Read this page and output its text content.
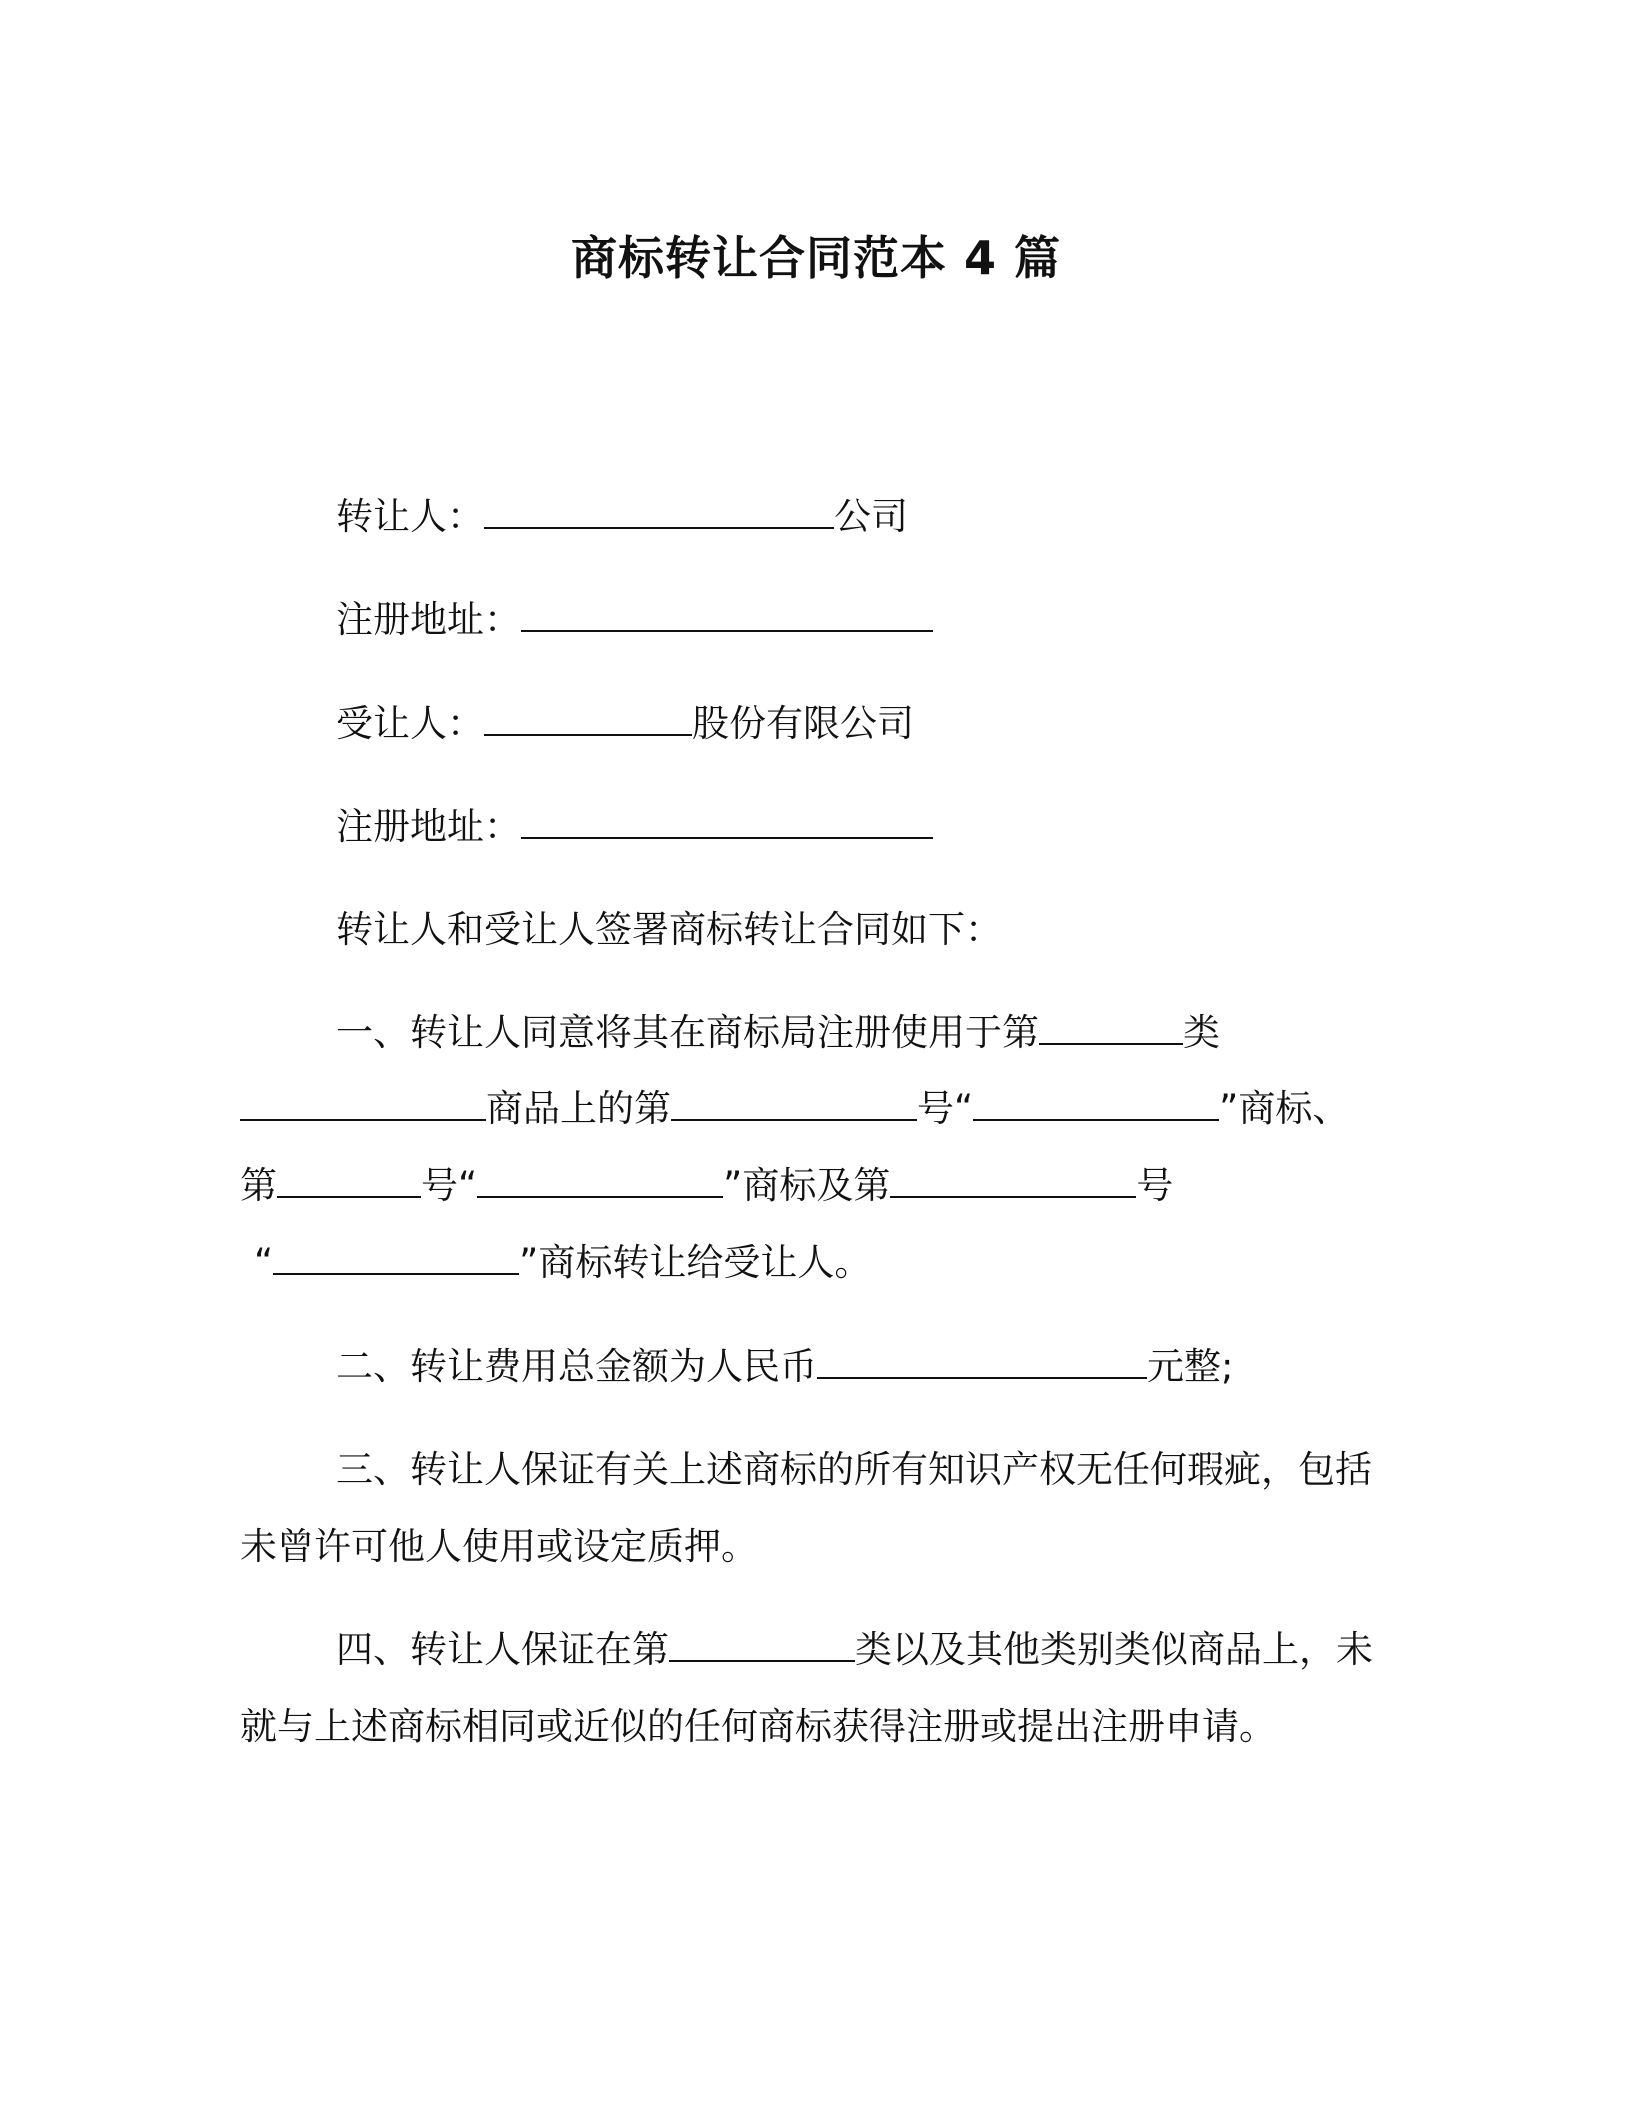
商标转让合同范本 4 篇
转让人：	公司
注册地址：
受让人：	股份有限公司
注册地址：
转让人和受让人签署商标转让合同如下：
一、转让人同意将其在商标局注册使用于第	类
商品上的第	号“	”商标、
第	号“	”商标及第	号
“	”商标转让给受让人。
二、转让费用总金额为人民币	元整;
三、转让人保证有关上述商标的所有知识产权无任何瑕疵，包括
未曾许可他人使用或设定质押。
四、转让人保证在第	类以及其他类别类似商品上，未
就与上述商标相同或近似的任何商标获得注册或提出注册申请。
